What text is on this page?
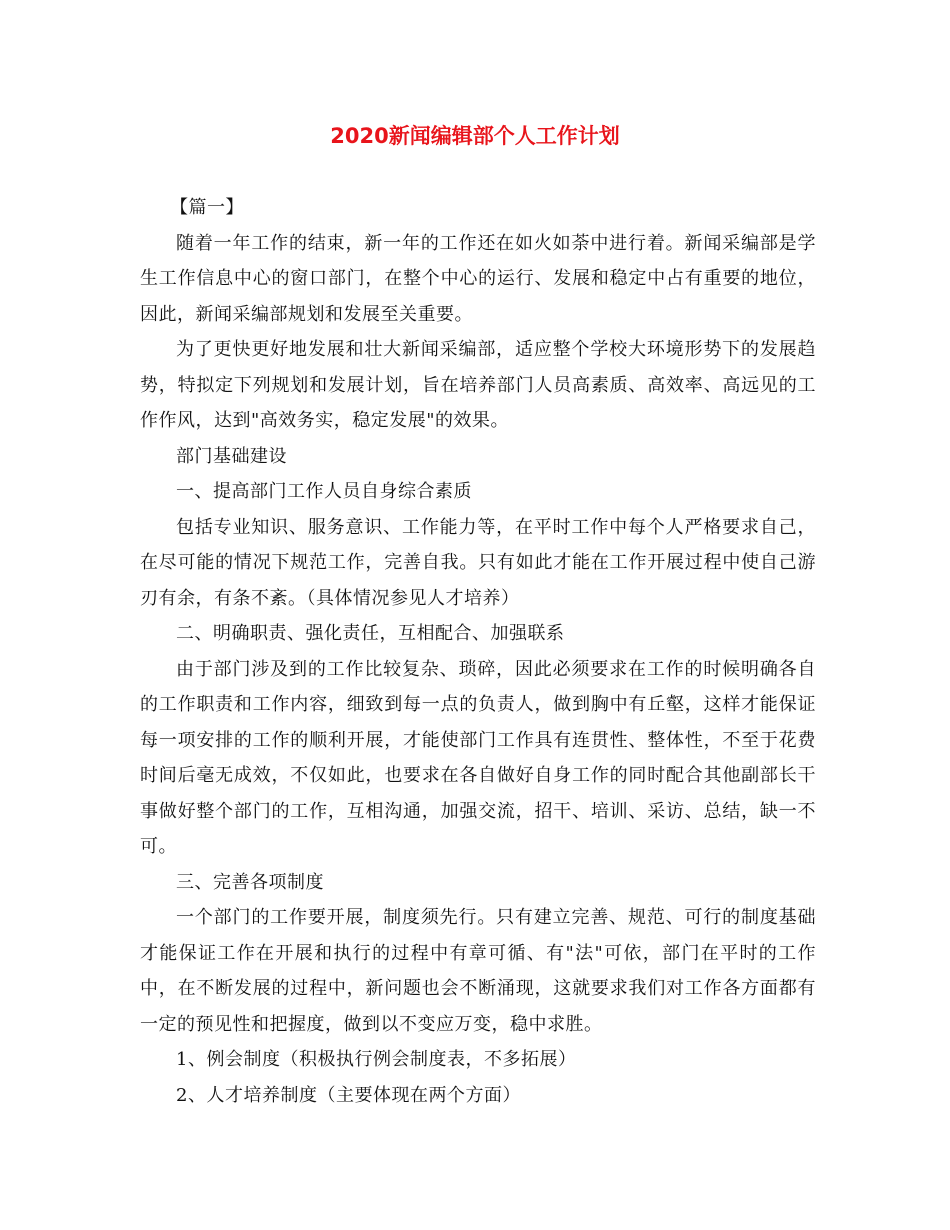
2020新闻编辑部个人工作计划

【篇一】

随着一年工作的结束，新一年的工作还在如火如荼中进行着。新闻采编部是学生工作信息中心的窗口部门，在整个中心的运行、发展和稳定中占有重要的地位，因此，新闻采编部规划和发展至关重要。

为了更快更好地发展和壮大新闻采编部，适应整个学校大环境形势下的发展趋势，特拟定下列规划和发展计划，旨在培养部门人员高素质、高效率、高远见的工作作风，达到"高效务实，稳定发展"的效果。

部门基础建设

一、提高部门工作人员自身综合素质

包括专业知识、服务意识、工作能力等，在平时工作中每个人严格要求自己，在尽可能的情况下规范工作，完善自我。只有如此才能在工作开展过程中使自己游刃有余，有条不紊。（具体情况参见人才培养）

二、明确职责、强化责任，互相配合、加强联系

由于部门涉及到的工作比较复杂、琐碎，因此必须要求在工作的时候明确各自的工作职责和工作内容，细致到每一点的负责人，做到胸中有丘壑，这样才能保证每一项安排的工作的顺利开展，才能使部门工作具有连贯性、整体性，不至于花费时间后毫无成效，不仅如此，也要求在各自做好自身工作的同时配合其他副部长干事做好整个部门的工作，互相沟通，加强交流，招干、培训、采访、总结，缺一不可。

三、完善各项制度

一个部门的工作要开展，制度须先行。只有建立完善、规范、可行的制度基础才能保证工作在开展和执行的过程中有章可循、有"法"可依，部门在平时的工作中，在不断发展的过程中，新问题也会不断涌现，这就要求我们对工作各方面都有一定的预见性和把握度，做到以不变应万变，稳中求胜。

1、例会制度（积极执行例会制度表，不多拓展）

2、人才培养制度（主要体现在两个方面）
